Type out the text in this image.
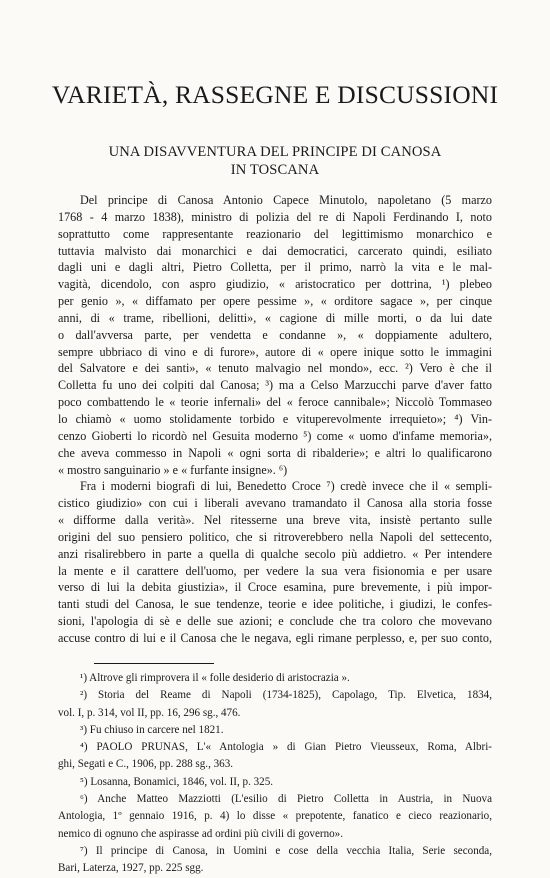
VARIETÀ, RASSEGNE E DISCUSSIONI
UNA DISAVVENTURA DEL PRINCIPE DI CANOSA
IN TOSCANA
Del principe di Canosa Antonio Capece Minutolo, napoletano (5 marzo
1768 - 4 marzo 1838), ministro di polizia del re di Napoli Ferdinando I, noto
soprattutto come rappresentante reazionario del legittimismo monarchico e
tuttavia malvisto dai monarchici e dai democratici, carcerato quindi, esiliato
dagli uni e dagli altri, Pietro Colletta, per il primo, narrò la vita e le mal-
vagità, dicendolo, con aspro giudizio, « aristocratico per dottrina, ¹) plebeo
per genio », « diffamato per opere pessime », « orditore sagace », per cinque
anni, di « trame, ribellioni, delitti», « cagione di mille morti, o da lui date
o dall'avversa parte, per vendetta e condanne », « doppiamente adultero,
sempre ubbriaco di vino e di furore», autore di « opere inique sotto le immagini
del Salvatore e dei santi», « tenuto malvagio nel mondo», ecc. ²) Vero è che il
Colletta fu uno dei colpiti dal Canosa; ³) ma a Celso Marzucchi parve d'aver fatto
poco combattendo le « teorie infernali» del « feroce cannibale»; Niccolò Tommaseo
lo chiamò « uomo stolidamente torbido e vituperevolmente irrequieto»; ⁴) Vin-
cenzo Gioberti lo ricordò nel Gesuita moderno ⁵) come « uomo d'infame memoria»,
che aveva commesso in Napoli « ogni sorta di ribalderie»; e altri lo qualificarono
« mostro sanguinario » e « furfante insigne». ⁶)
Fra i moderni biografi di lui, Benedetto Croce ⁷) credè invece che il « sempli-
cistico giudizio» con cui i liberali avevano tramandato il Canosa alla storia fosse
« difforme dalla verità». Nel ritesserne una breve vita, insistè pertanto sulle
origini del suo pensiero politico, che si ritroverebbero nella Napoli del settecento,
anzi risalirebbero in parte a quella di qualche secolo più addietro. « Per intendere
la mente e il carattere dell'uomo, per vedere la sua vera fisionomia e per usare
verso di lui la debita giustizia», il Croce esamina, pure brevemente, i più impor-
tanti studi del Canosa, le sue tendenze, teorie e idee politiche, i giudizi, le confes-
sioni, l'apologia di sè e delle sue azioni; e conclude che tra coloro che movevano
accuse contro di lui e il Canosa che le negava, egli rimane perplesso, e, per suo conto,
¹) Altrove gli rimprovera il « folle desiderio di aristocrazia ».
²) Storia del Reame di Napoli (1734-1825), Capolago, Tip. Elvetica, 1834,
vol. I, p. 314, vol II, pp. 16, 296 sg., 476.
³) Fu chiuso in carcere nel 1821.
⁴) PAOLO PRUNAS, L'« Antologia » di Gian Pietro Vieusseux, Roma, Albri-
ghi, Segati e C., 1906, pp. 288 sg., 363.
⁵) Losanna, Bonamici, 1846, vol. II, p. 325.
⁶) Anche Matteo Mazziotti (L'esilio di Pietro Colletta in Austria, in Nuova
Antologia, 1º gennaio 1916, p. 4) lo disse « prepotente, fanatico e cieco reazionario,
nemico di ognuno che aspirasse ad ordini più civili di governo».
⁷) Il principe di Canosa, in Uomini e cose della vecchia Italia, Serie seconda,
Bari, Laterza, 1927, pp. 225 sgg.
